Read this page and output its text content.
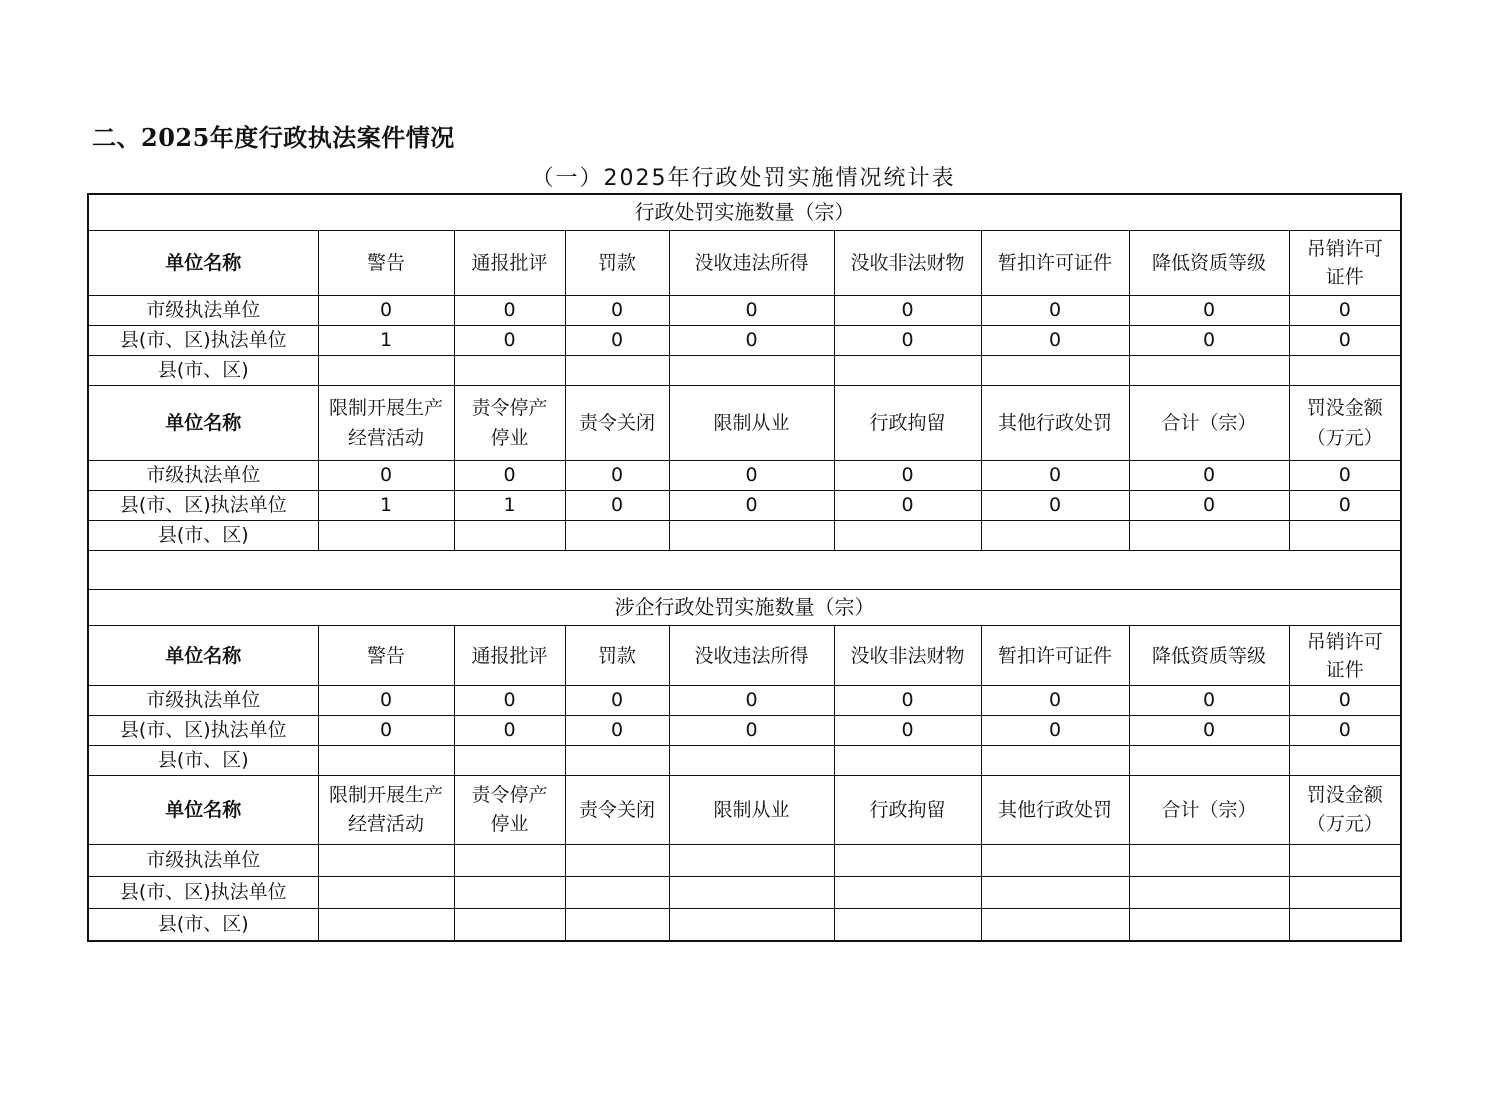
二、2025年度行政执法案件情况
（一）2025年行政处罚实施情况统计表
行政处罚实施数量（宗）								
单位名称	警告	通报批评	罚款	没收违法所得	没收非法财物	暂扣许可证件	降低资质等级	吊销许可证件
市级执法单位	0	0	0	0	0	0	0	0
县(市、区)执法单位	1	0	0	0	0	0	0	0
县(市、区)								
单位名称	限制开展生产经营活动	责令停产停业	责令关闭	限制从业	行政拘留	其他行政处罚	合计（宗）	罚没金额（万元）
市级执法单位	0	0	0	0	0	0	0	0
县(市、区)执法单位	1	1	0	0	0	0	0	0
县(市、区)								

涉企行政处罚实施数量（宗）								
单位名称	警告	通报批评	罚款	没收违法所得	没收非法财物	暂扣许可证件	降低资质等级	吊销许可证件
市级执法单位	0	0	0	0	0	0	0	0
县(市、区)执法单位	0	0	0	0	0	0	0	0
县(市、区)								
单位名称	限制开展生产经营活动	责令停产停业	责令关闭	限制从业	行政拘留	其他行政处罚	合计（宗）	罚没金额（万元）
市级执法单位								
县(市、区)执法单位								
县(市、区)								
